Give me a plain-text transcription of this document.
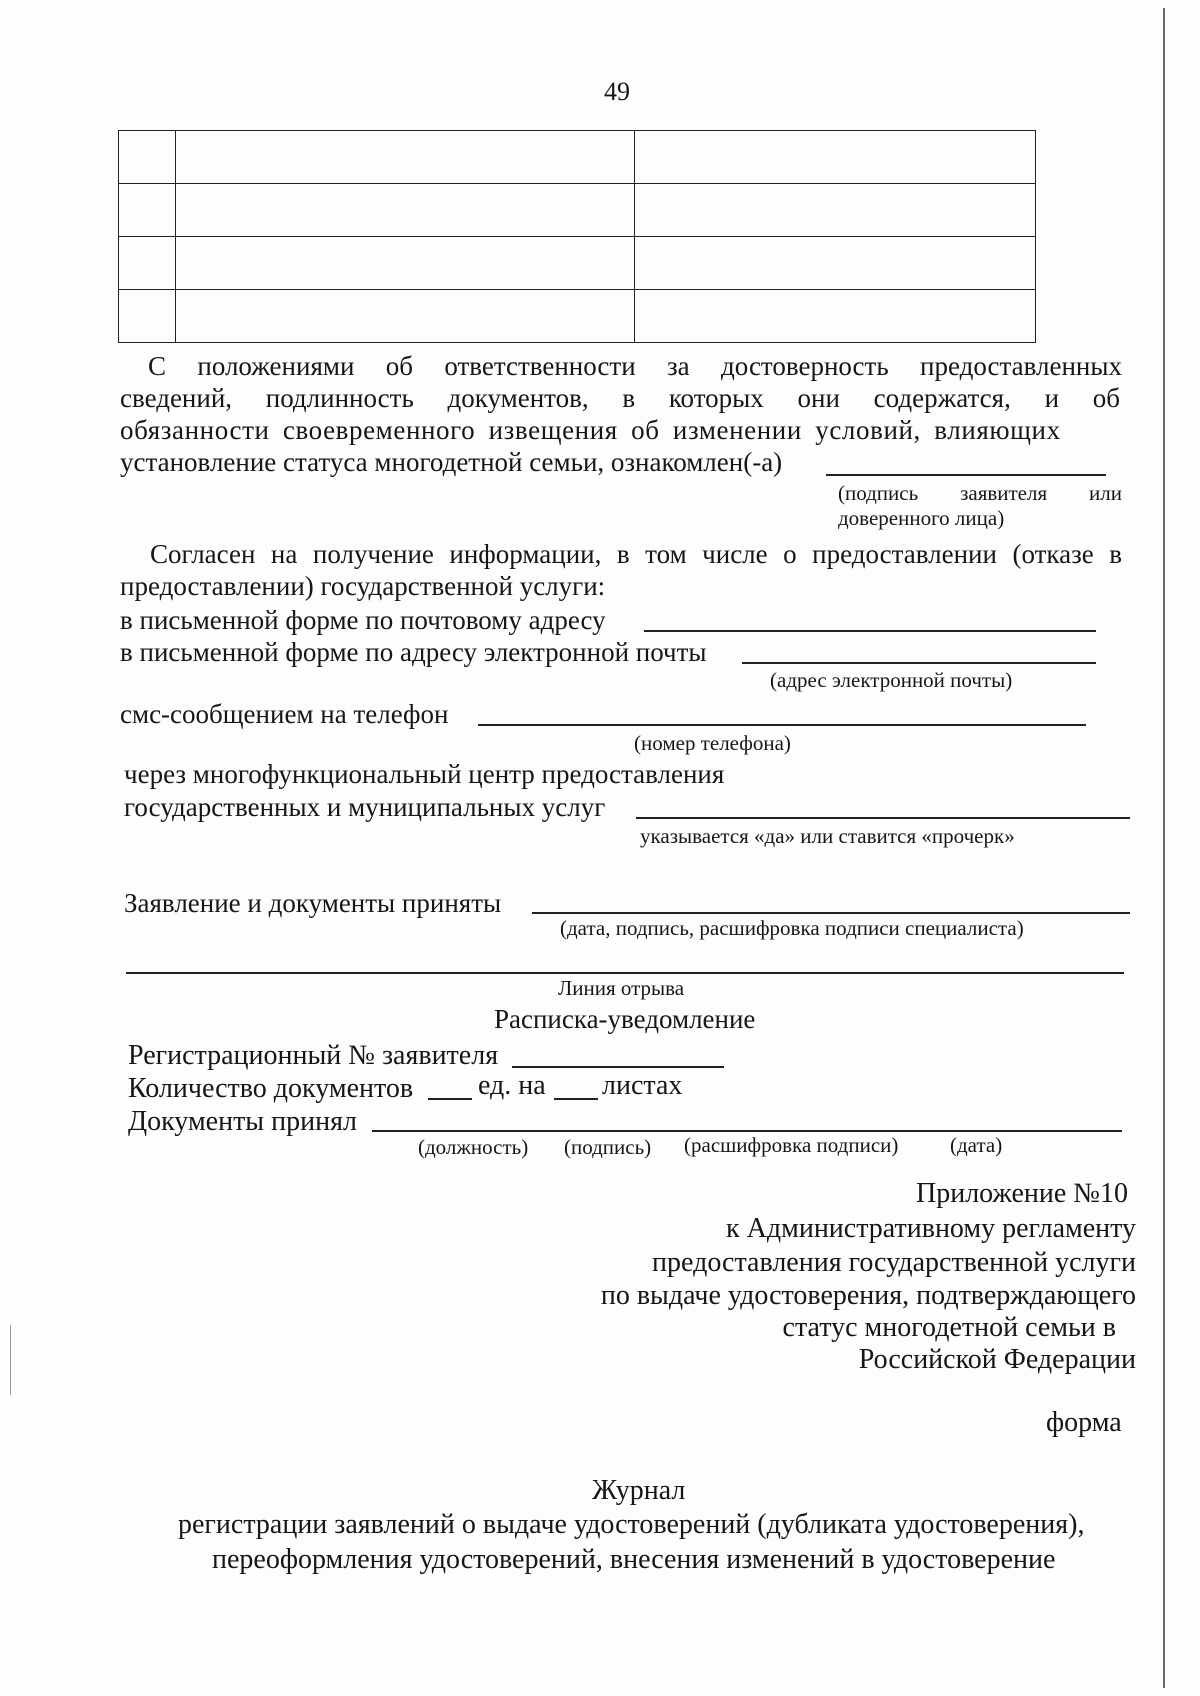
49

С положениями об ответственности за достоверность предоставленных
сведений, подлинность документов, в которых они содержатся, и об
обязанности своевременного извещения об изменении условий, влияющих
установление статуса многодетной семьи, ознакомлен(-а)
(подпись заявителя или
доверенного лица)
Согласен на получение информации, в том числе о предоставлении (отказе в
предоставлении) государственной услуги:
в письменной форме по почтовому адресу
в письменной форме по адресу электронной почты
(адрес электронной почты)
смс-сообщением на телефон
(номер телефона)
через многофункциональный центр предоставления
государственных и муниципальных услуг
указывается «да» или ставится «прочерк»
Заявление и документы приняты
(дата, подпись, расшифровка подписи специалиста)
Линия отрыва
Расписка-уведомление
Регистрационный № заявителя
Количество документов ед. на листах
Документы принял
(должность) (подпись) (расшифровка подписи) (дата)
Приложение №10
к Административному регламенту
предоставления государственной услуги
по выдаче удостоверения, подтверждающего
статус многодетной семьи в
Российской Федерации
форма
Журнал
регистрации заявлений о выдаче удостоверений (дубликата удостоверения),
переоформления удостоверений, внесения изменений в удостоверение
